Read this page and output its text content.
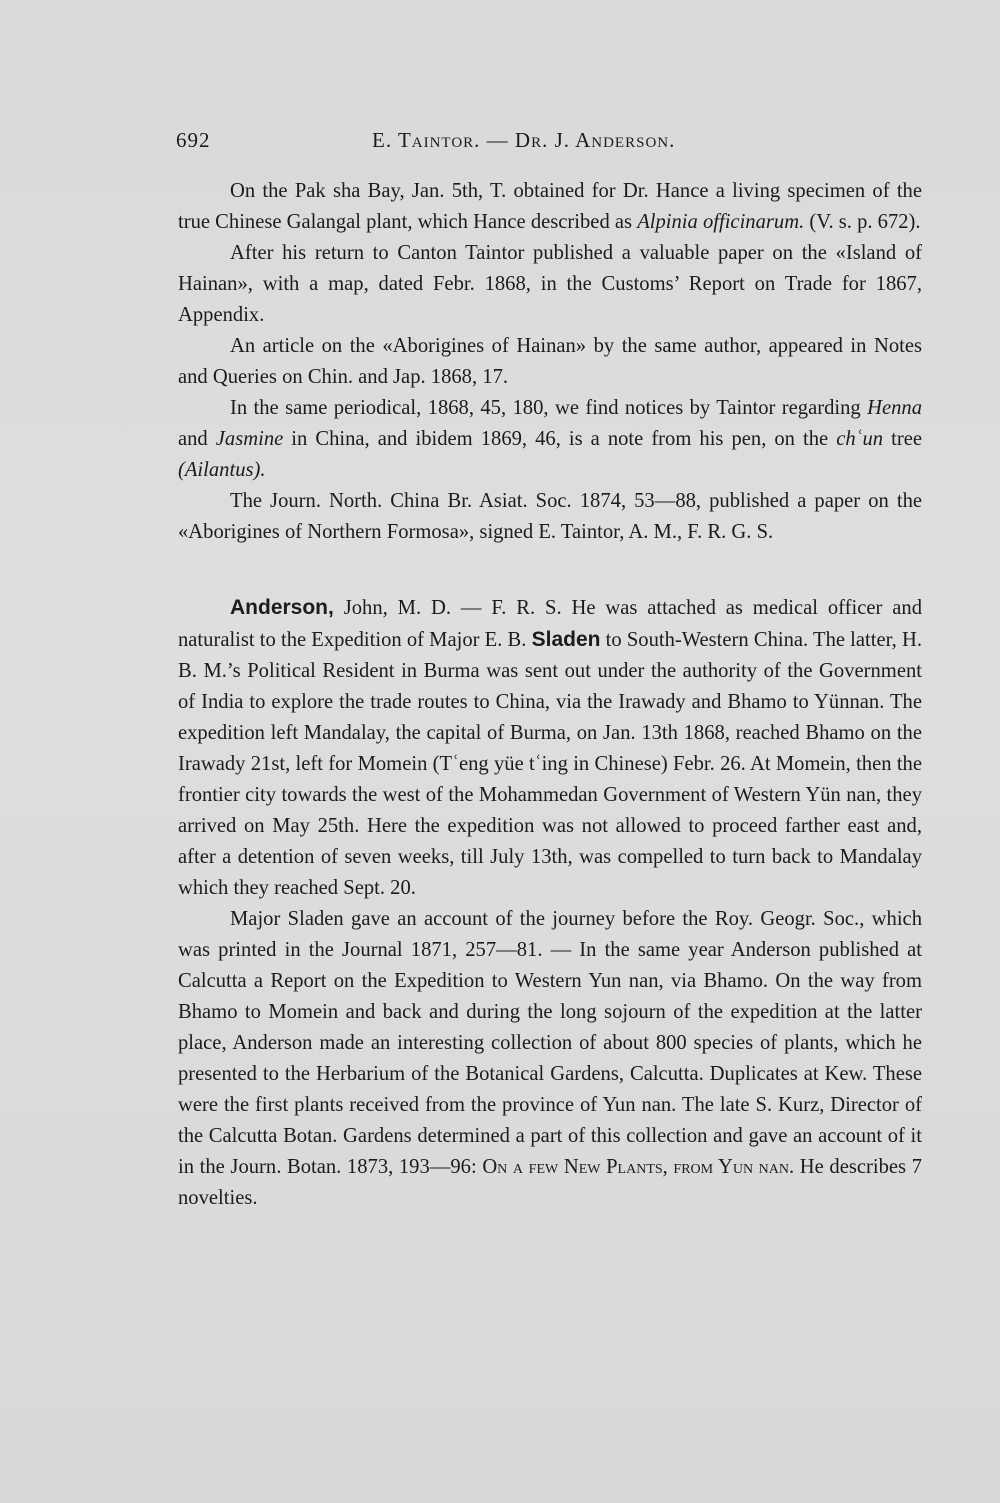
692	E. Taintor. — Dr. J. Anderson.

On the Pak sha Bay, Jan. 5th, T. obtained for Dr. Hance a living specimen of the true Chinese Galangal plant, which Hance described as Alpinia officinarum. (V. s. p. 672).

After his return to Canton Taintor published a valuable paper on the «Island of Hainan», with a map, dated Febr. 1868, in the Customs’ Report on Trade for 1867, Appendix.

An article on the «Aborigines of Hainan» by the same author, appeared in Notes and Queries on Chin. and Jap. 1868, 17.

In the same periodical, 1868, 45, 180, we find notices by Taintor regarding Henna and Jasmine in China, and ibidem 1869, 46, is a note from his pen, on the chʿun tree (Ailantus).

The Journ. North. China Br. Asiat. Soc. 1874, 53—88, published a paper on the «Aborigines of Northern Formosa», signed E. Taintor, A. M., F. R. G. S.

Anderson, John, M. D. — F. R. S. He was attached as medical officer and naturalist to the Expedition of Major E. B. Sladen to South-Western China. The latter, H. B. M.’s Political Resident in Burma was sent out under the authority of the Government of India to explore the trade routes to China, via the Irawady and Bhamo to Yünnan. The expedition left Mandalay, the capital of Burma, on Jan. 13th 1868, reached Bhamo on the Irawady 21st, left for Momein (Tʿeng yüe tʿing in Chinese) Febr. 26. At Momein, then the frontier city towards the west of the Mohammedan Government of Western Yün nan, they arrived on May 25th. Here the expedition was not allowed to proceed farther east and, after a detention of seven weeks, till July 13th, was compelled to turn back to Mandalay which they reached Sept. 20.

Major Sladen gave an account of the journey before the Roy. Geogr. Soc., which was printed in the Journal 1871, 257—81. — In the same year Anderson published at Calcutta a Report on the Expedition to Western Yun nan, via Bhamo. On the way from Bhamo to Momein and back and during the long sojourn of the expedition at the latter place, Anderson made an interesting collection of about 800 species of plants, which he presented to the Herbarium of the Botanical Gardens, Calcutta. Duplicates at Kew. These were the first plants received from the province of Yun nan. The late S. Kurz, Director of the Calcutta Botan. Gardens determined a part of this collection and gave an account of it in the Journ. Botan. 1873, 193—96: On a few New Plants, from Yun nan. He describes 7 novelties.
